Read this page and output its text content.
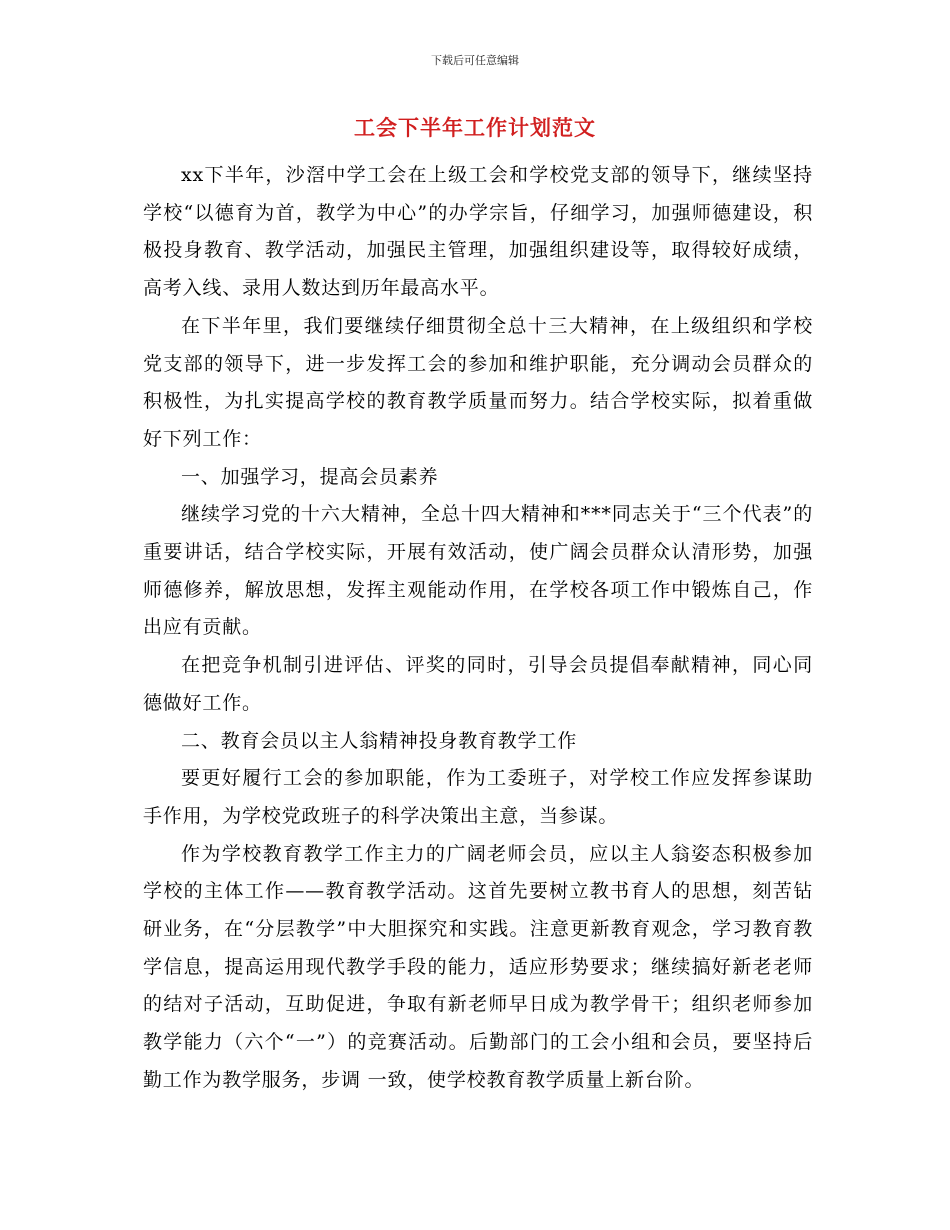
下载后可任意编辑
工会下半年工作计划范文

xx下半年，沙滘中学工会在上级工会和学校党支部的领导下，继续坚持学校“以德育为首，教学为中心”的办学宗旨，仔细学习，加强师德建设，积极投身教育、教学活动，加强民主管理，加强组织建设等，取得较好成绩，高考入线、录用人数达到历年最高水平。

在下半年里，我们要继续仔细贯彻全总十三大精神，在上级组织和学校党支部的领导下，进一步发挥工会的参加和维护职能，充分调动会员群众的积极性，为扎实提高学校的教育教学质量而努力。结合学校实际，拟着重做好下列工作：

一、加强学习，提高会员素养

继续学习党的十六大精神，全总十四大精神和***同志关于“三个代表”的重要讲话，结合学校实际，开展有效活动，使广阔会员群众认清形势，加强师德修养，解放思想，发挥主观能动作用，在学校各项工作中锻炼自己，作出应有贡献。

在把竞争机制引进评估、评奖的同时，引导会员提倡奉献精神，同心同德做好工作。

二、教育会员以主人翁精神投身教育教学工作

要更好履行工会的参加职能，作为工委班子，对学校工作应发挥参谋助手作用，为学校党政班子的科学决策出主意，当参谋。

作为学校教育教学工作主力的广阔老师会员，应以主人翁姿态积极参加学校的主体工作——教育教学活动。这首先要树立教书育人的思想，刻苦钻研业务，在“分层教学”中大胆探究和实践。注意更新教育观念，学习教育教学信息，提高运用现代教学手段的能力，适应形势要求；继续搞好新老老师的结对子活动，互助促进，争取有新老师早日成为教学骨干；组织老师参加教学能力（六个“一”）的竞赛活动。后勤部门的工会小组和会员，要坚持后勤工作为教学服务，步调 一致，使学校教育教学质量上新台阶。
